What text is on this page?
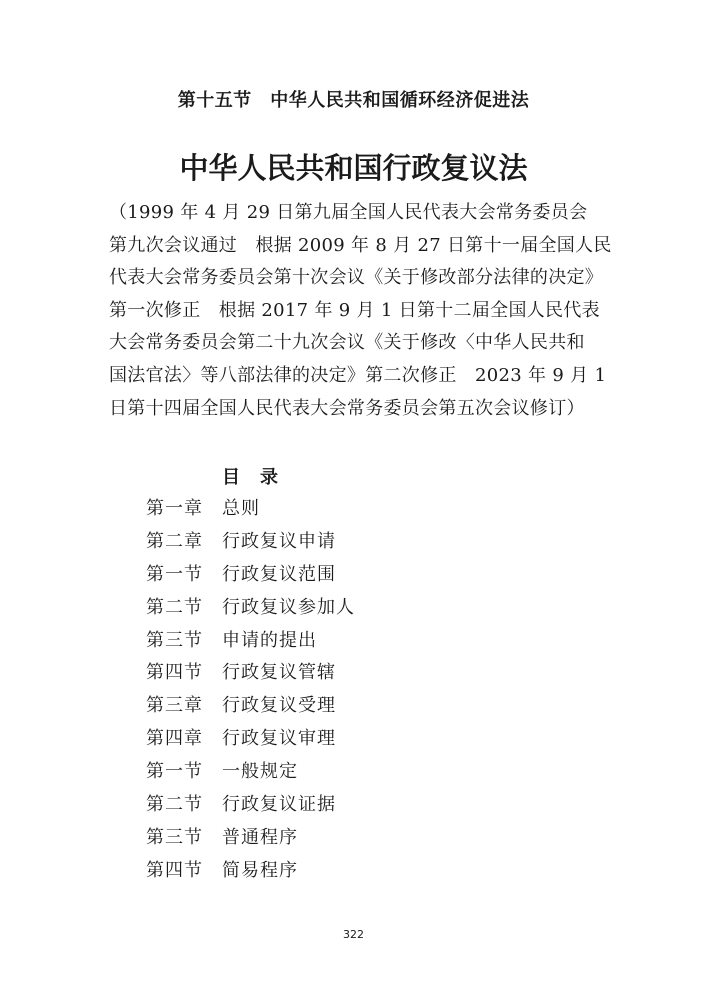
第十五节　中华人民共和国循环经济促进法
中华人民共和国行政复议法
（1999 年 4 月 29 日第九届全国人民代表大会常务委员会
第九次会议通过　根据 2009 年 8 月 27 日第十一届全国人民
代表大会常务委员会第十次会议《关于修改部分法律的决定》
第一次修正　根据 2017 年 9 月 1 日第十二届全国人民代表
大会常务委员会第二十九次会议《关于修改〈中华人民共和
国法官法〉等八部法律的决定》第二次修正　2023 年 9 月 1
日第十四届全国人民代表大会常务委员会第五次会议修订）
目录
第一章 总则
第二章 行政复议申请
第一节 行政复议范围
第二节 行政复议参加人
第三节 申请的提出
第四节 行政复议管辖
第三章 行政复议受理
第四章 行政复议审理
第一节 一般规定
第二节 行政复议证据
第三节 普通程序
第四节 简易程序
322
